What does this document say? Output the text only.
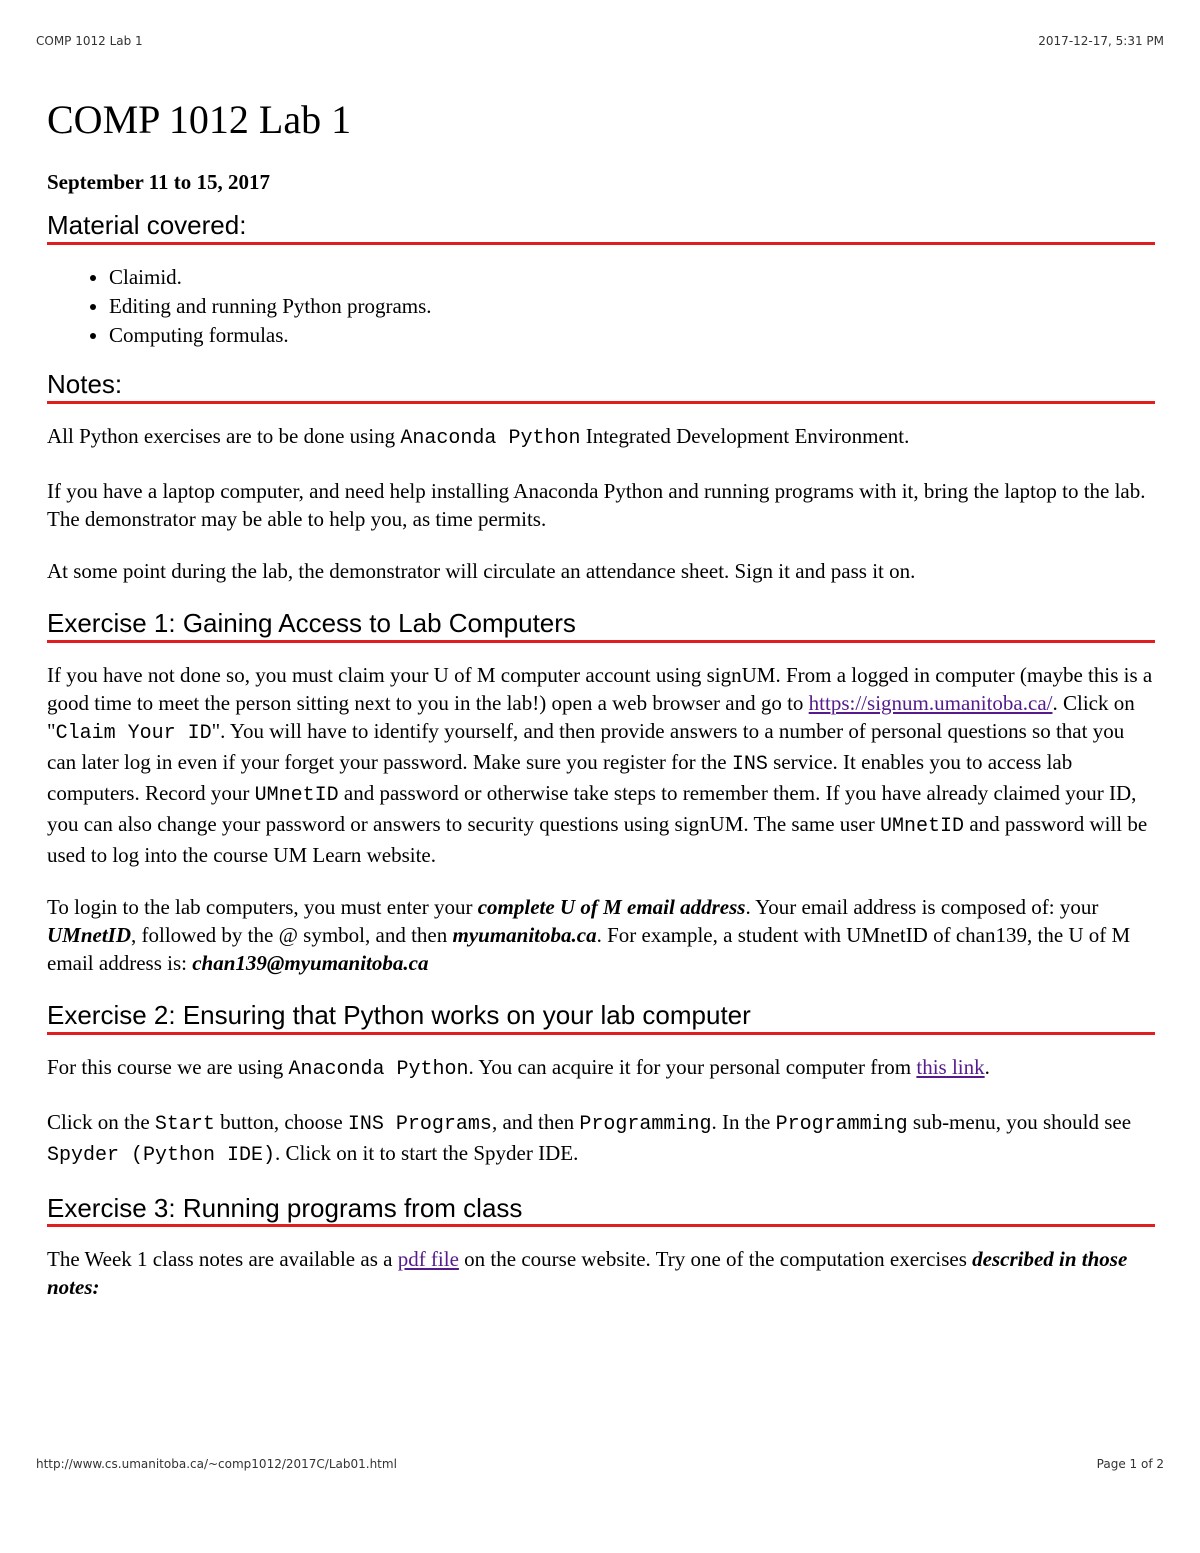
COMP 1012 Lab 1	2017-12-17, 5:31 PM
COMP 1012 Lab 1
September 11 to 15, 2017
Material covered:
• Claimid.
• Editing and running Python programs.
• Computing formulas.
Notes:

All Python exercises are to be done using Anaconda Python Integrated Development Environment.

If you have a laptop computer, and need help installing Anaconda Python and running programs with it, bring the laptop to the lab. The demonstrator may be able to help you, as time permits.

At some point during the lab, the demonstrator will circulate an attendance sheet. Sign it and pass it on.

Exercise 1: Gaining Access to Lab Computers

If you have not done so, you must claim your U of M computer account using signUM. From a logged in computer (maybe this is a good time to meet the person sitting next to you in the lab!) open a web browser and go to https://signum.umanitoba.ca/. Click on "Claim Your ID". You will have to identify yourself, and then provide answers to a number of personal questions so that you can later log in even if your forget your password. Make sure you register for the INS service. It enables you to access lab computers. Record your UMnetID and password or otherwise take steps to remember them. If you have already claimed your ID, you can also change your password or answers to security questions using signUM. The same user UMnetID and password will be used to log into the course UM Learn website.

To login to the lab computers, you must enter your complete U of M email address. Your email address is composed of: your UMnetID, followed by the @ symbol, and then myumanitoba.ca. For example, a student with UMnetID of chan139, the U of M email address is: chan139@myumanitoba.ca

Exercise 2: Ensuring that Python works on your lab computer

For this course we are using Anaconda Python. You can acquire it for your personal computer from this link.

Click on the Start button, choose INS Programs, and then Programming. In the Programming sub-menu, you should see Spyder (Python IDE). Click on it to start the Spyder IDE.

Exercise 3: Running programs from class

The Week 1 class notes are available as a pdf file on the course website. Try one of the computation exercises described in those notes:

http://www.cs.umanitoba.ca/~comp1012/2017C/Lab01.html	Page 1 of 2
